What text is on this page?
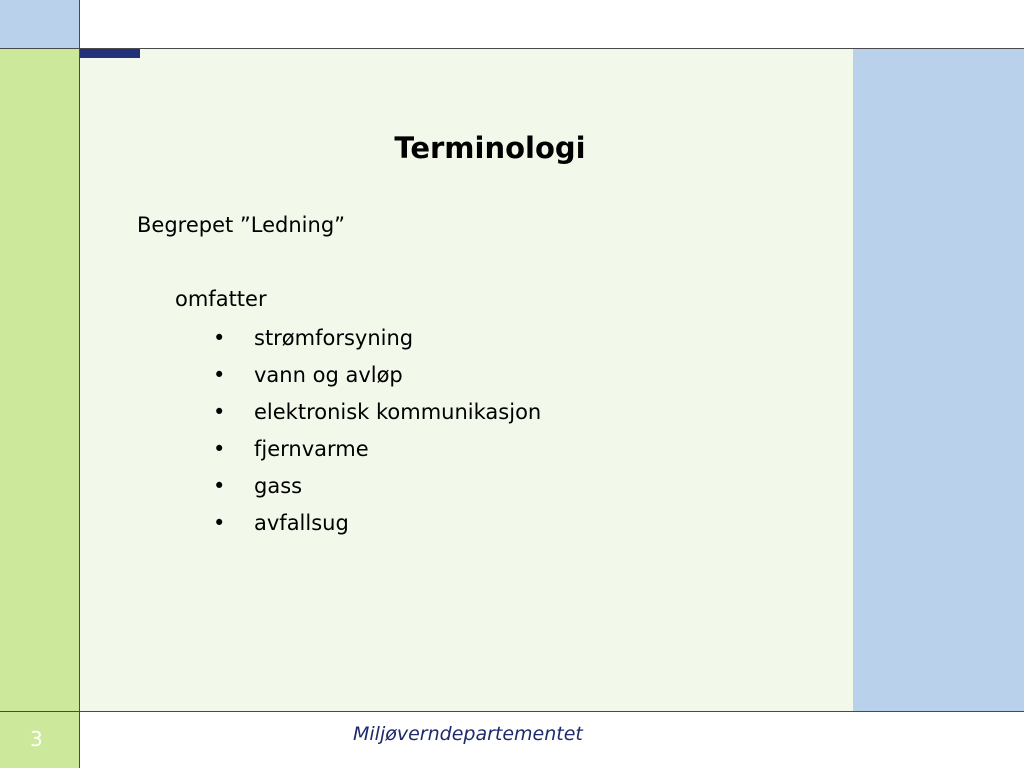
Terminologi
Begrepet ”Ledning”
omfatter
• strømforsyning
• vann og avløp
• elektronisk kommunikasjon
• fjernvarme
• gass
• avfallsug
3	Miljøverndepartementet
